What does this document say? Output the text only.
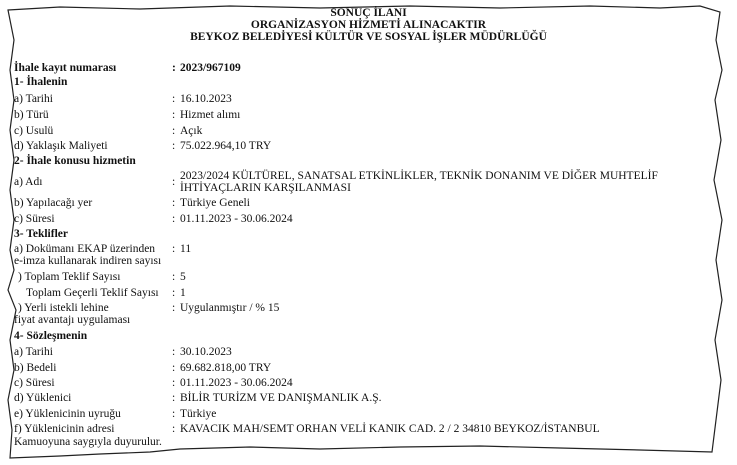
SONUÇ İLANI
ORGANİZASYON HİZMETİ ALINACAKTIR
BEYKOZ BELEDİYESİ KÜLTÜR VE SOSYAL İŞLER MÜDÜRLÜĞÜ
İhale kayıt numarası	: 2023/967109
1- İhalenin
a) Tarihi	: 16.10.2023
b) Türü	: Hizmet alımı
c) Usulü	: Açık
d) Yaklaşık Maliyeti	: 75.022.964,10 TRY
2- İhale konusu hizmetin
a) Adı	: 2023/2024 KÜLTÜREL, SANATSAL ETKİNLİKLER, TEKNİK DONANIM VE DİĞER MUHTELİF İHTİYAÇLARIN KARŞILANMASI
b) Yapılacağı yer	: Türkiye Geneli
c) Süresi	: 01.11.2023 - 30.06.2024
3- Teklifler
a) Dokümanı EKAP üzerinden
e-imza kullanarak indiren sayısı
: 11
) Toplam Teklif Sayısı	: 5
Toplam Geçerli Teklif Sayısı : 1
) Yerli istekli lehine
fiyat avantajı uygulaması
: Uygulanmıştır / % 15
4- Sözleşmenin
a) Tarihi	: 30.10.2023
b) Bedeli	: 69.682.818,00 TRY
c) Süresi	: 01.11.2023 - 30.06.2024
d) Yüklenici	: BİLİR TURİZM VE DANIŞMANLIK A.Ş.
e) Yüklenicinin uyruğu	: Türkiye
f) Yüklenicinin adresi	: KAVACIK MAH/SEMT ORHAN VELİ KANIK CAD. 2 / 2 34810 BEYKOZ/İSTANBUL
Kamuoyuna saygıyla duyurulur.
